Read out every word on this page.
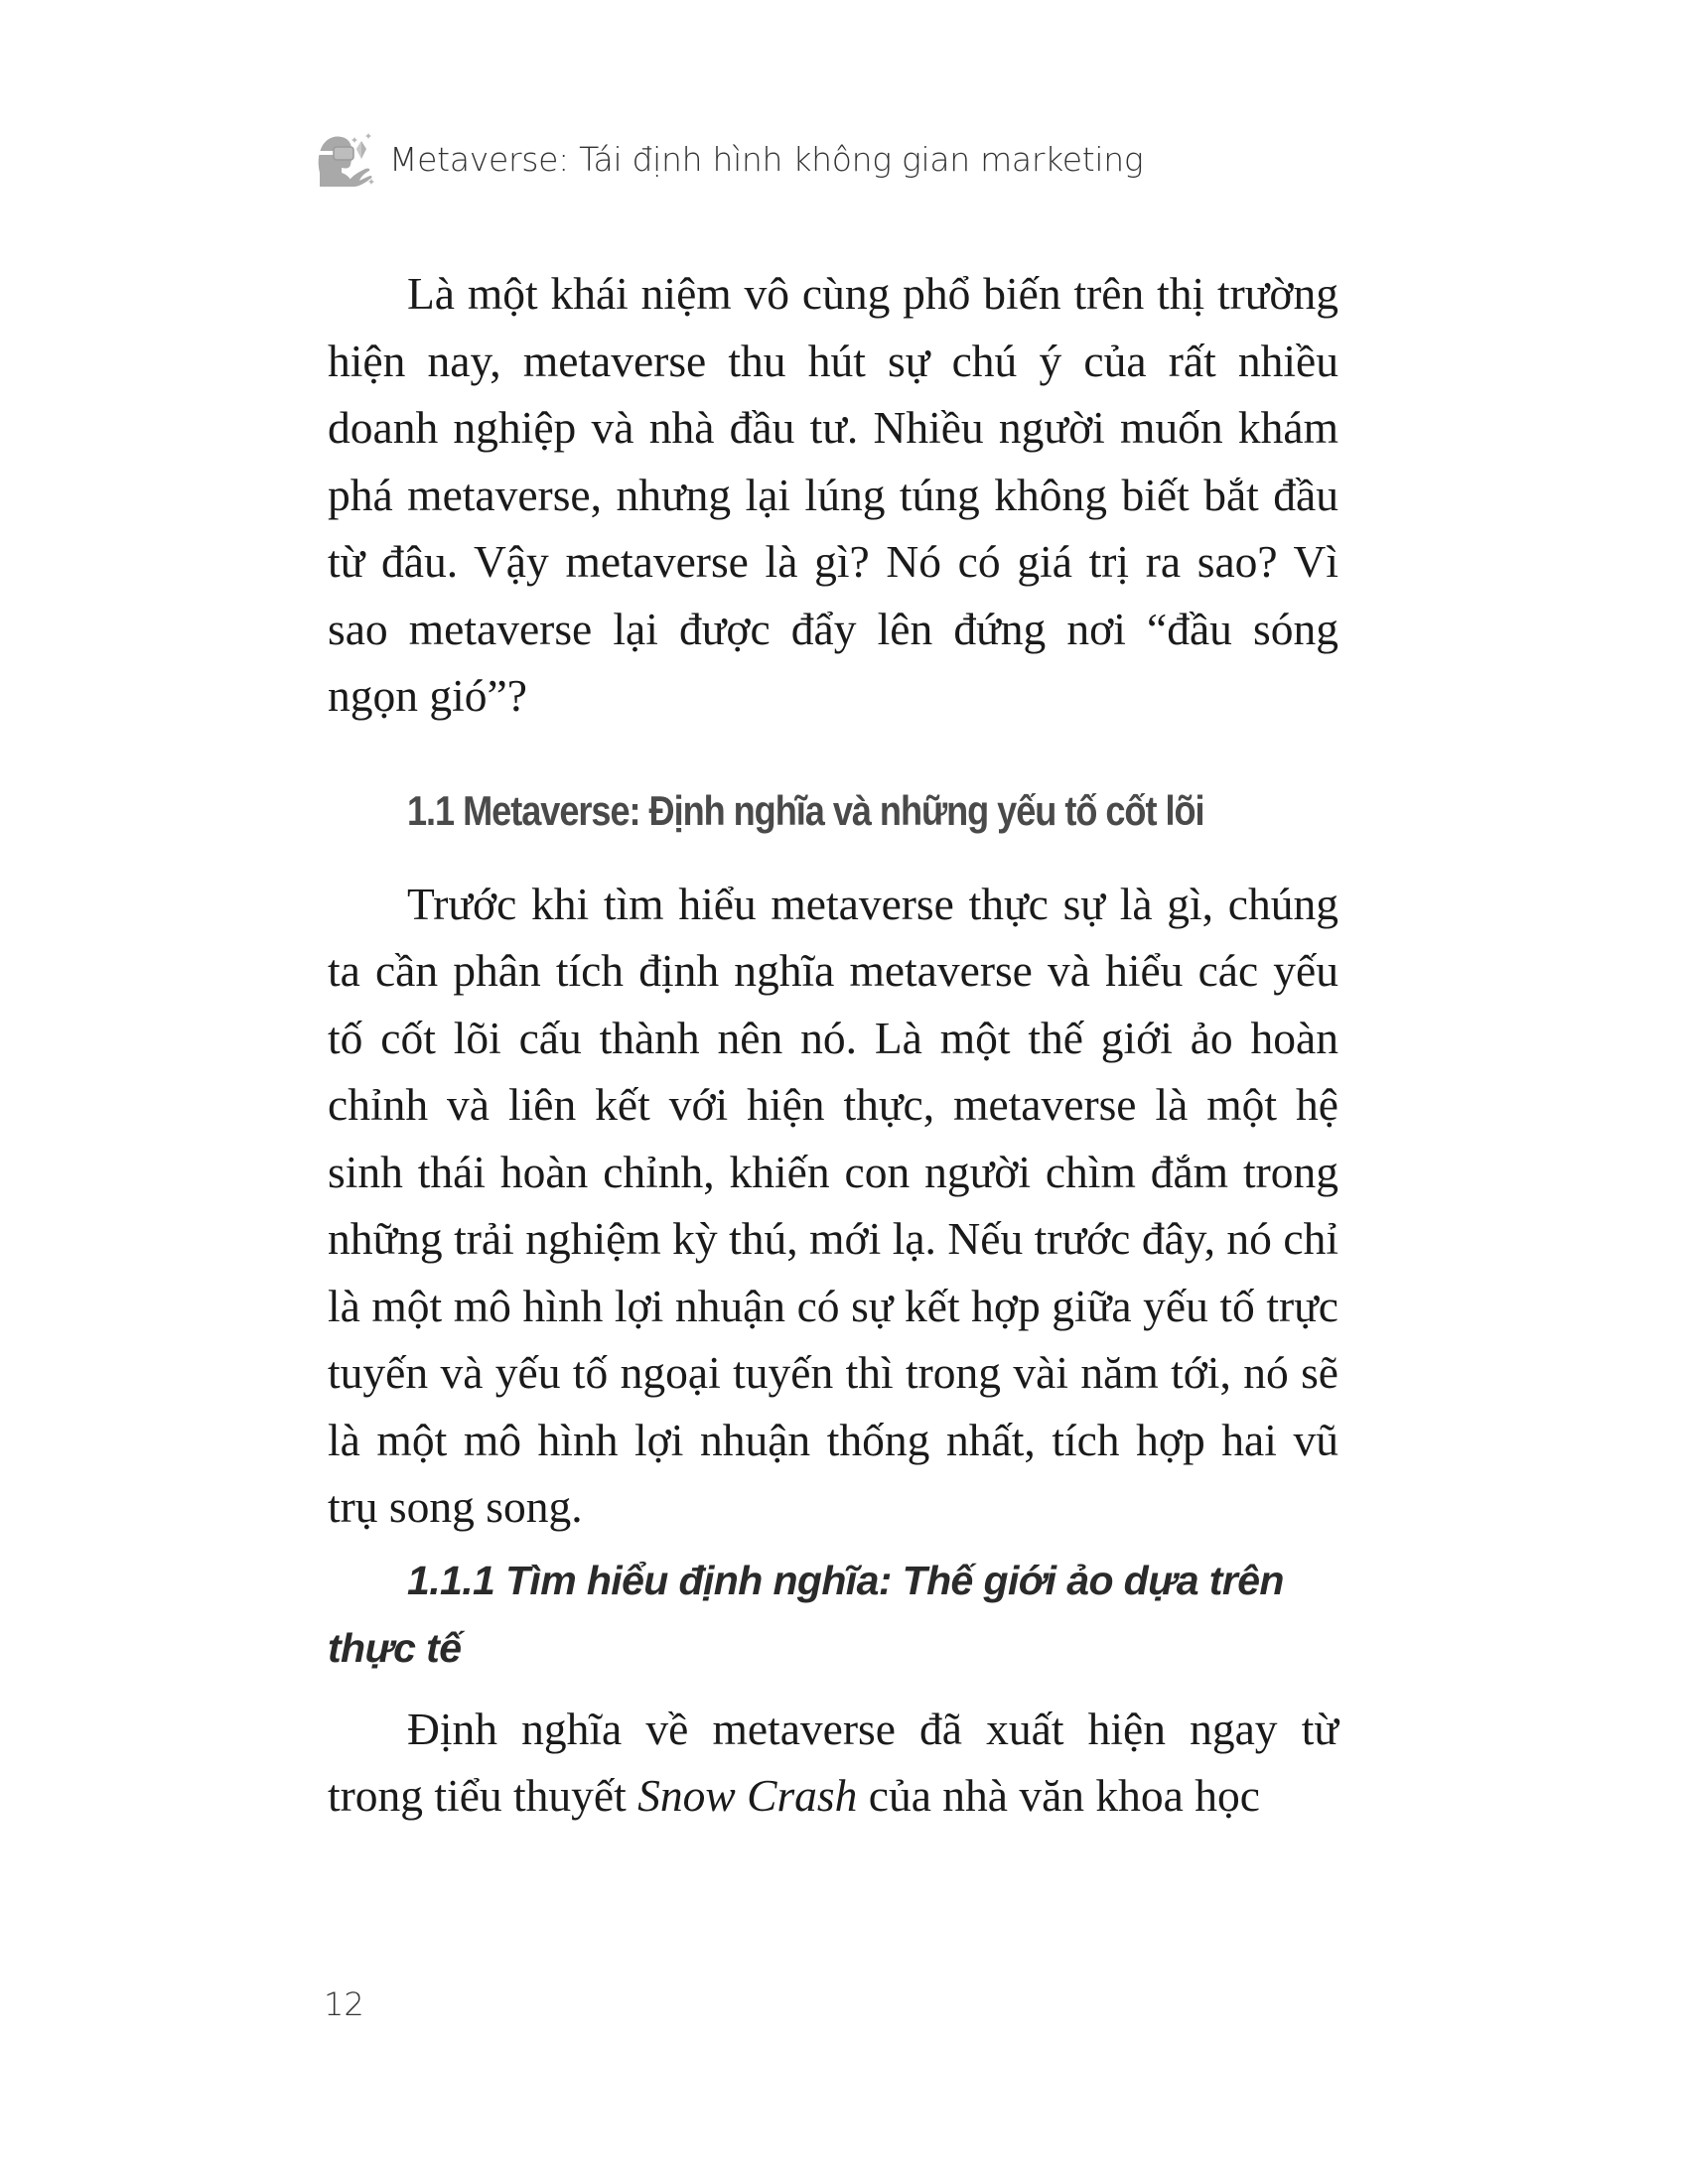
Metaverse: Tái định hình không gian marketing

Là một khái niệm vô cùng phổ biến trên thị trường hiện nay, metaverse thu hút sự chú ý của rất nhiều doanh nghiệp và nhà đầu tư. Nhiều người muốn khám phá metaverse, nhưng lại lúng túng không biết bắt đầu từ đâu. Vậy metaverse là gì? Nó có giá trị ra sao? Vì sao metaverse lại được đẩy lên đứng nơi “đầu sóng ngọn gió”?

1.1 Metaverse: Định nghĩa và những yếu tố cốt lõi

Trước khi tìm hiểu metaverse thực sự là gì, chúng ta cần phân tích định nghĩa metaverse và hiểu các yếu tố cốt lõi cấu thành nên nó. Là một thế giới ảo hoàn chỉnh và liên kết với hiện thực, metaverse là một hệ sinh thái hoàn chỉnh, khiến con người chìm đắm trong những trải nghiệm kỳ thú, mới lạ. Nếu trước đây, nó chỉ là một mô hình lợi nhuận có sự kết hợp giữa yếu tố trực tuyến và yếu tố ngoại tuyến thì trong vài năm tới, nó sẽ là một mô hình lợi nhuận thống nhất, tích hợp hai vũ trụ song song.

1.1.1 Tìm hiểu định nghĩa: Thế giới ảo dựa trên thực tế

Định nghĩa về metaverse đã xuất hiện ngay từ trong tiểu thuyết Snow Crash của nhà văn khoa học

12
